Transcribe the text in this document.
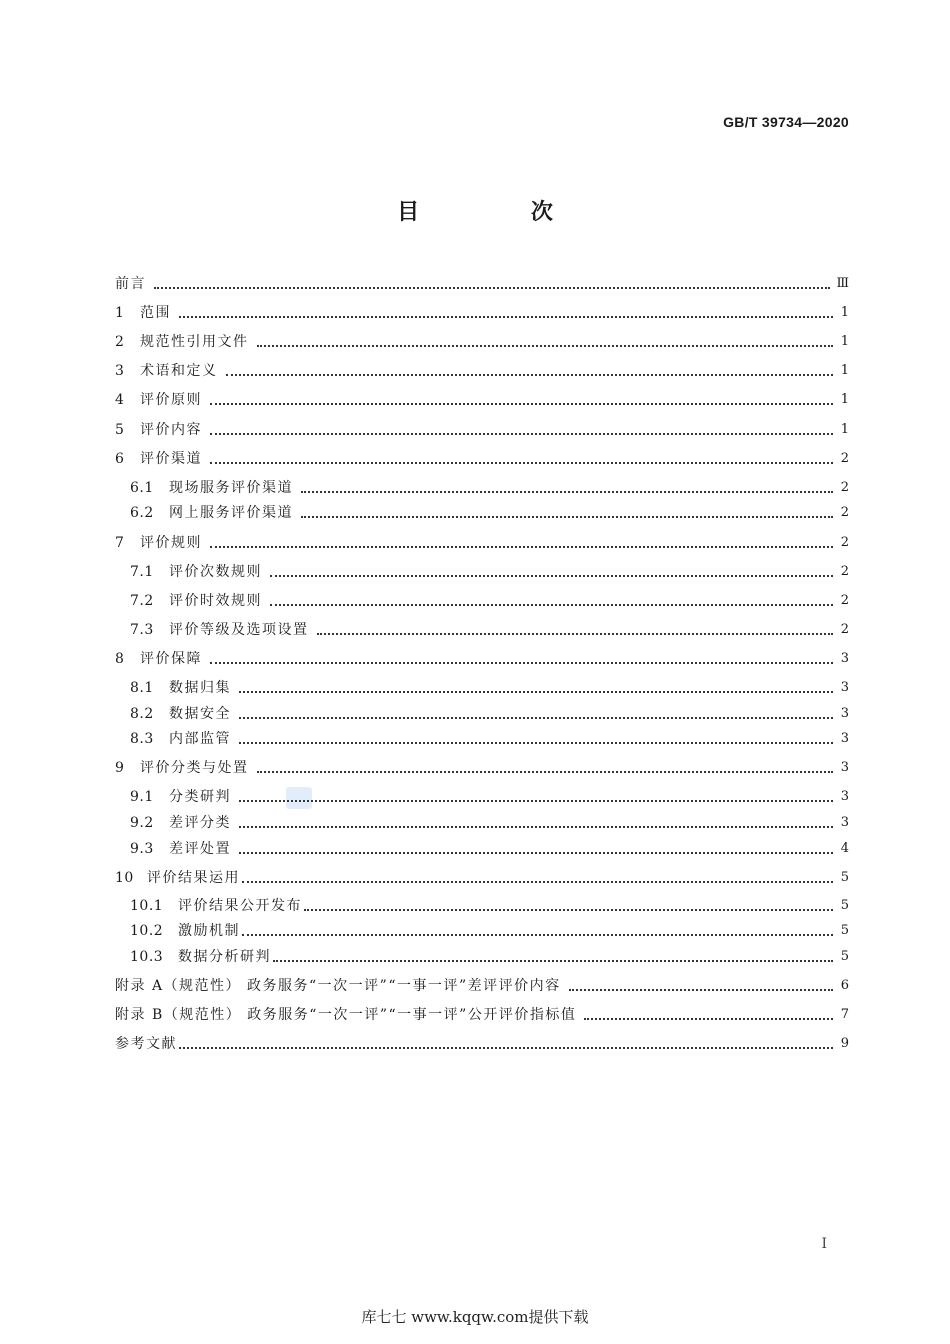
GB/T 39734—2020
目 次
前言	Ⅲ
1	范围	1
2	规范性引用文件	1
3	术语和定义	1
4	评价原则	1
5	评价内容	1
6	评价渠道	2
6.1	现场服务评价渠道	2
6.2	网上服务评价渠道	2
7	评价规则	2
7.1	评价次数规则	2
7.2	评价时效规则	2
7.3	评价等级及选项设置	2
8	评价保障	3
8.1	数据归集	3
8.2	数据安全	3
8.3	内部监管	3
9	评价分类与处置	3
9.1	分类研判	3
9.2	差评分类	3
9.3	差评处置	4
10 评价结果运用	5
10.1	评价结果公开发布	5
10.2	激励机制	5
10.3	数据分析研判	5
附录 A（规范性） 政务服务“一次一评”“一事一评”差评评价内容	6
附录 B（规范性） 政务服务“一次一评”“一事一评”公开评价指标值	7
参考文献	9
I
库七七 www.kqqw.com提供下载
